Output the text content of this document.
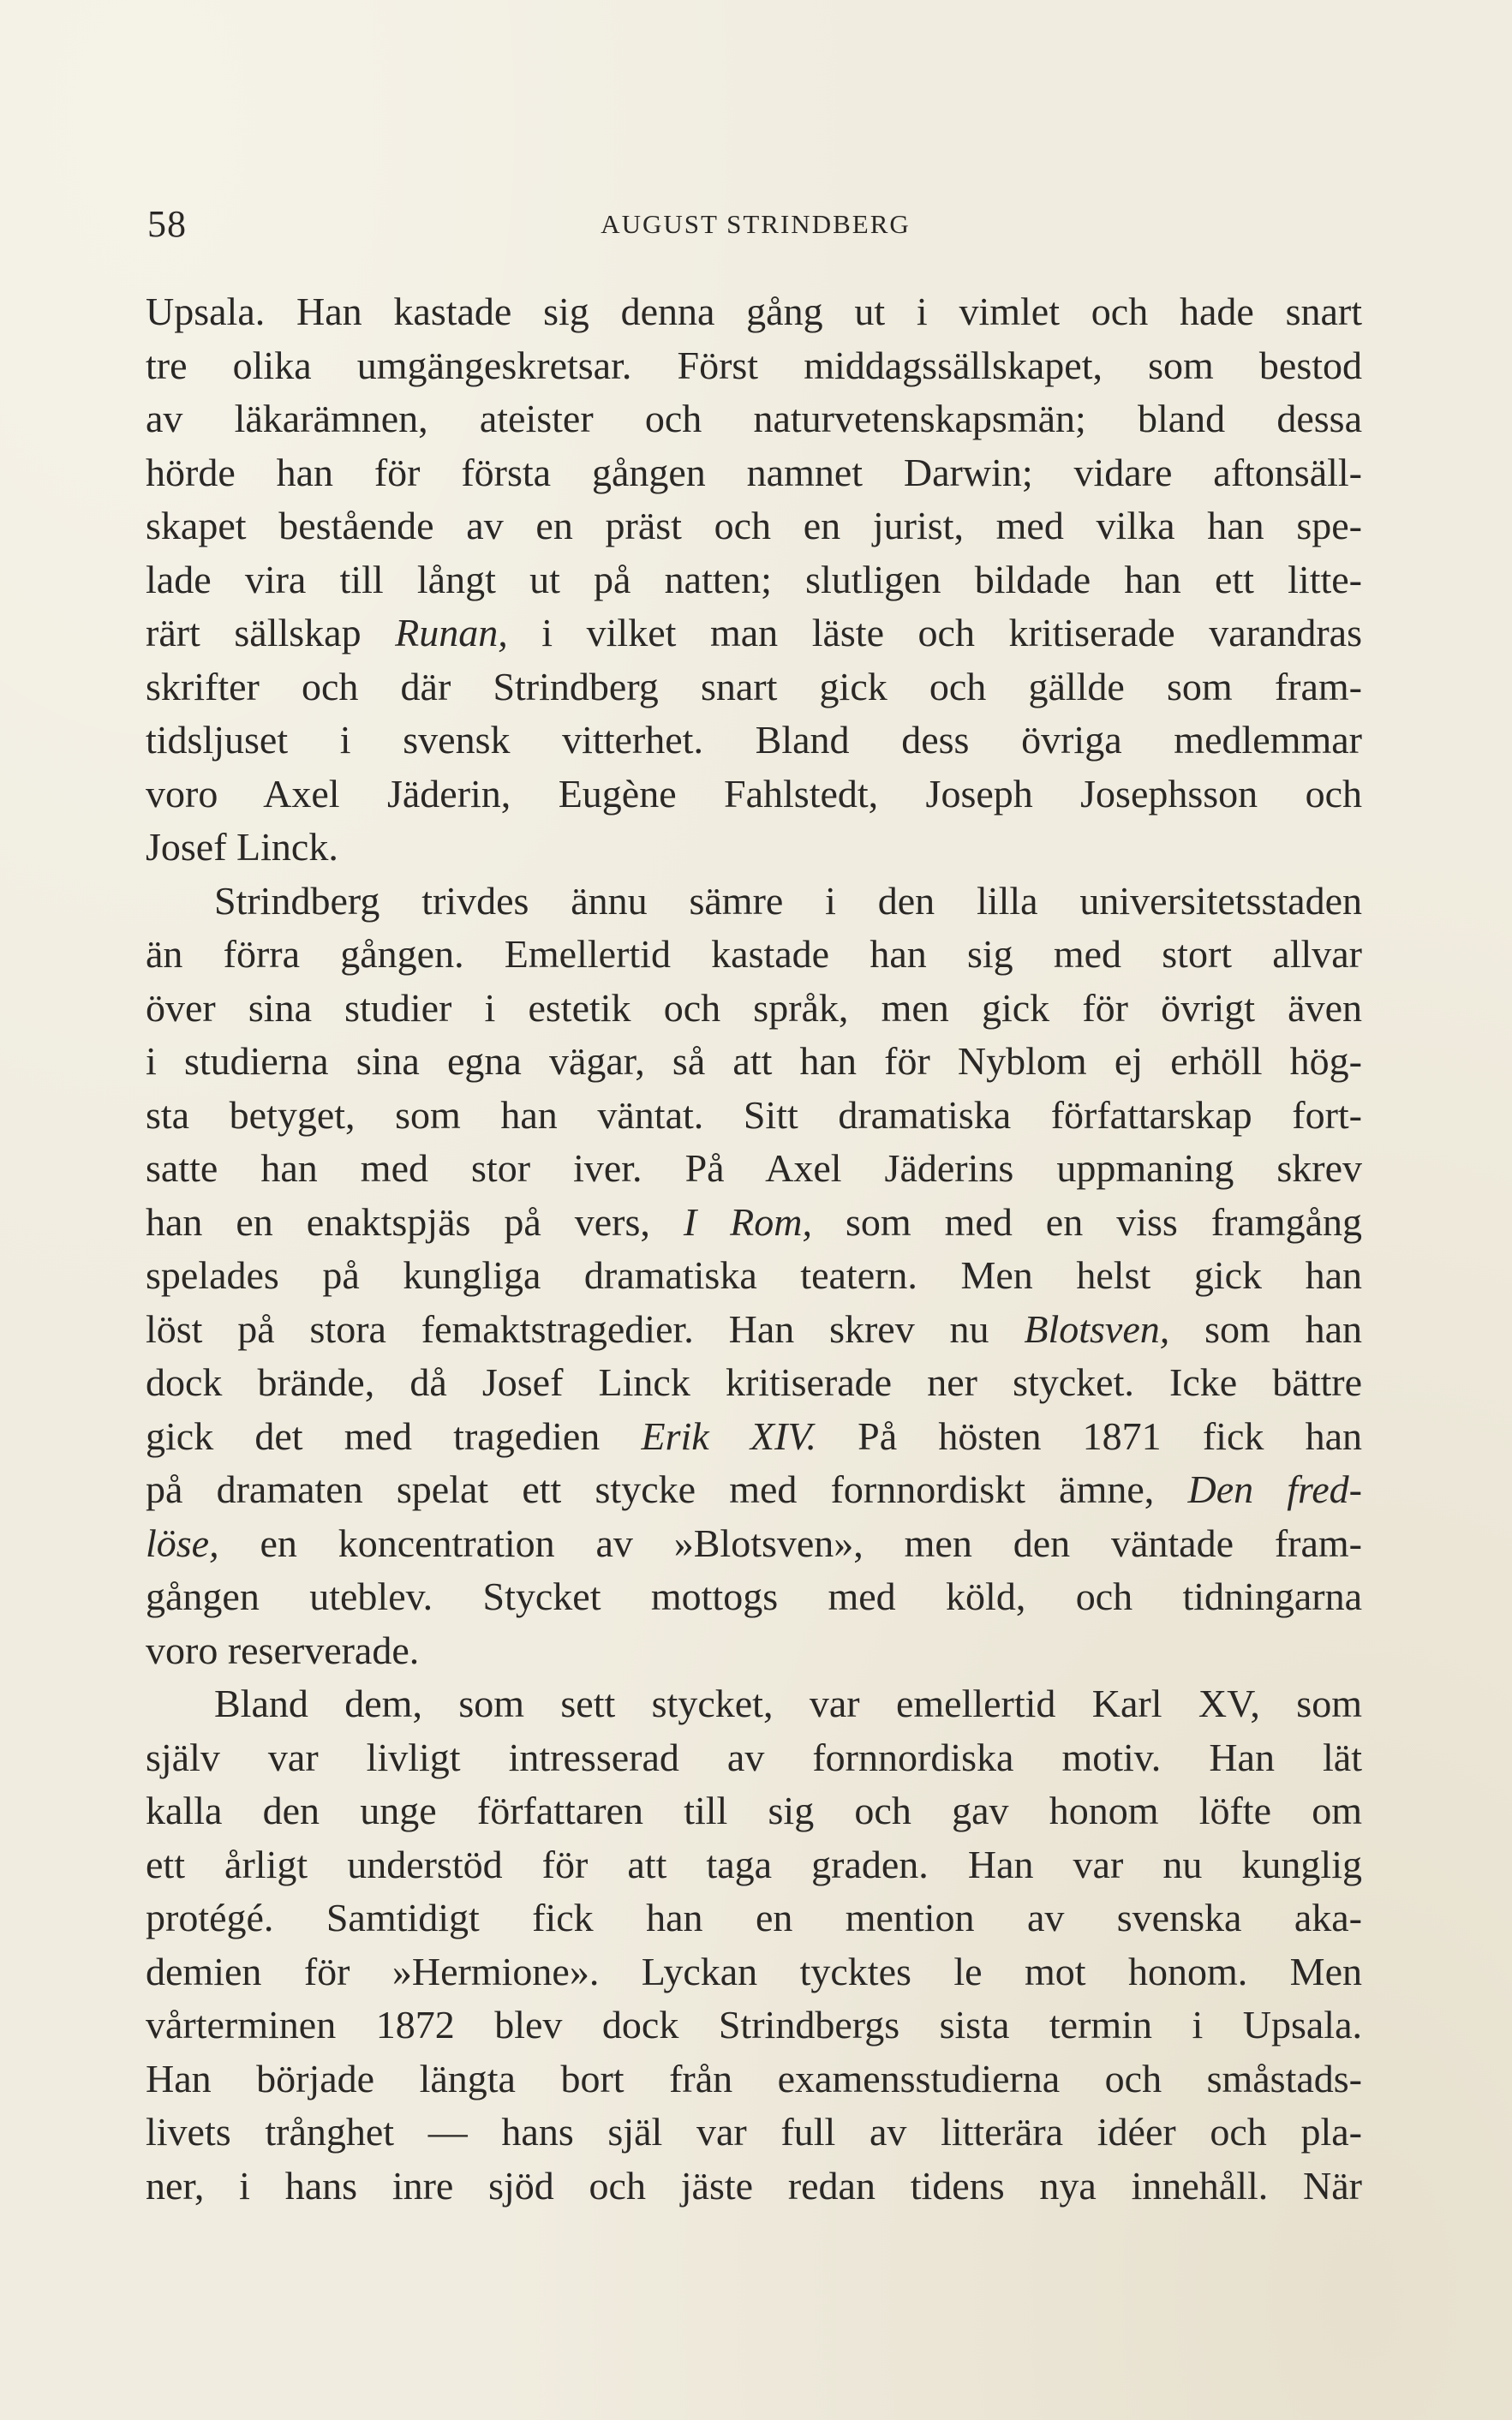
58	AUGUST STRINDBERG
Upsala. Han kastade sig denna gång ut i vimlet och hade snart
tre olika umgängeskretsar. Först middagssällskapet, som bestod
av läkarämnen, ateister och naturvetenskapsmän; bland dessa
hörde han för första gången namnet Darwin; vidare aftonsäll-
skapet bestående av en präst och en jurist, med vilka han spe-
lade vira till långt ut på natten; slutligen bildade han ett litte-
rärt sällskap Runan, i vilket man läste och kritiserade varandras
skrifter och där Strindberg snart gick och gällde som fram-
tidsljuset i svensk vitterhet. Bland dess övriga medlemmar
voro Axel Jäderin, Eugène Fahlstedt, Joseph Josephsson och
Josef Linck.
Strindberg trivdes ännu sämre i den lilla universitetsstaden
än förra gången. Emellertid kastade han sig med stort allvar
över sina studier i estetik och språk, men gick för övrigt även
i studierna sina egna vägar, så att han för Nyblom ej erhöll hög-
sta betyget, som han väntat. Sitt dramatiska författarskap fort-
satte han med stor iver. På Axel Jäderins uppmaning skrev
han en enaktspjäs på vers, I Rom, som med en viss framgång
spelades på kungliga dramatiska teatern. Men helst gick han
löst på stora femaktstragedier. Han skrev nu Blotsven, som han
dock brände, då Josef Linck kritiserade ner stycket. Icke bättre
gick det med tragedien Erik XIV. På hösten 1871 fick han
på dramaten spelat ett stycke med fornnordiskt ämne, Den fred-
löse, en koncentration av »Blotsven», men den väntade fram-
gången uteblev. Stycket mottogs med köld, och tidningarna
voro reserverade.
Bland dem, som sett stycket, var emellertid Karl XV, som
själv var livligt intresserad av fornnordiska motiv. Han lät
kalla den unge författaren till sig och gav honom löfte om
ett årligt understöd för att taga graden. Han var nu kunglig
protégé. Samtidigt fick han en mention av svenska aka-
demien för »Hermione». Lyckan tycktes le mot honom. Men
vårterminen 1872 blev dock Strindbergs sista termin i Upsala.
Han började längta bort från examensstudierna och småstads-
livets trånghet — hans själ var full av litterära idéer och pla-
ner, i hans inre sjöd och jäste redan tidens nya innehåll. När
